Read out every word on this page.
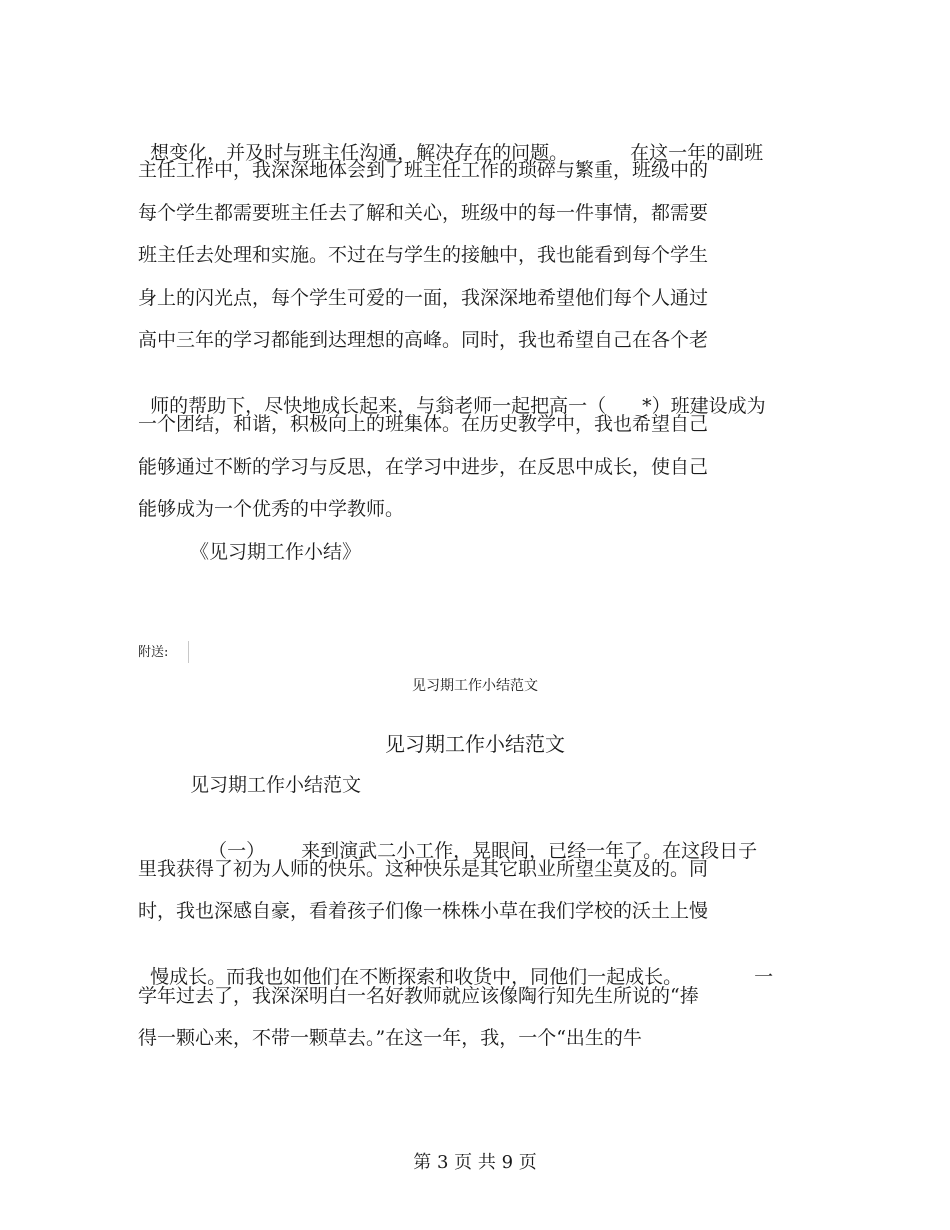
想变化，并及时与班主任沟通，解决存在的问题。	在这一年的副班

主任工作中，我深深地体会到了班主任工作的琐碎与繁重，班级中的

每个学生都需要班主任去了解和关心，班级中的每一件事情，都需要

班主任去处理和实施。不过在与学生的接触中，我也能看到每个学生

身上的闪光点，每个学生可爱的一面，我深深地希望他们每个人通过

高中三年的学习都能到达理想的高峰。同时，我也希望自己在各个老

师的帮助下，尽快地成长起来，与翁老师一起把高一（ *）班建设成为

一个团结，和谐，积极向上的班集体。在历史教学中，我也希望自己

能够通过不断的学习与反思，在学习中进步，在反思中成长，使自己

能够成为一个优秀的中学教师。

《见习期工作小结》

附送:
见习期工作小结范文
见习期工作小结范文

见习期工作小结范文

（一） 来到演武二小工作，晃眼间，已经一年了。在这段日子

里我获得了初为人师的快乐。这种快乐是其它职业所望尘莫及的。同

时，我也深感自豪，看着孩子们像一株株小草在我们学校的沃土上慢

慢成长。而我也如他们在不断探索和收货中，同他们一起成长。	一

学年过去了，我深深明白一名好教师就应该像陶行知先生所说的“捧

得一颗心来，不带一颗草去。”在这一年，我，一个“出生的牛

第 3 页 共 9 页
